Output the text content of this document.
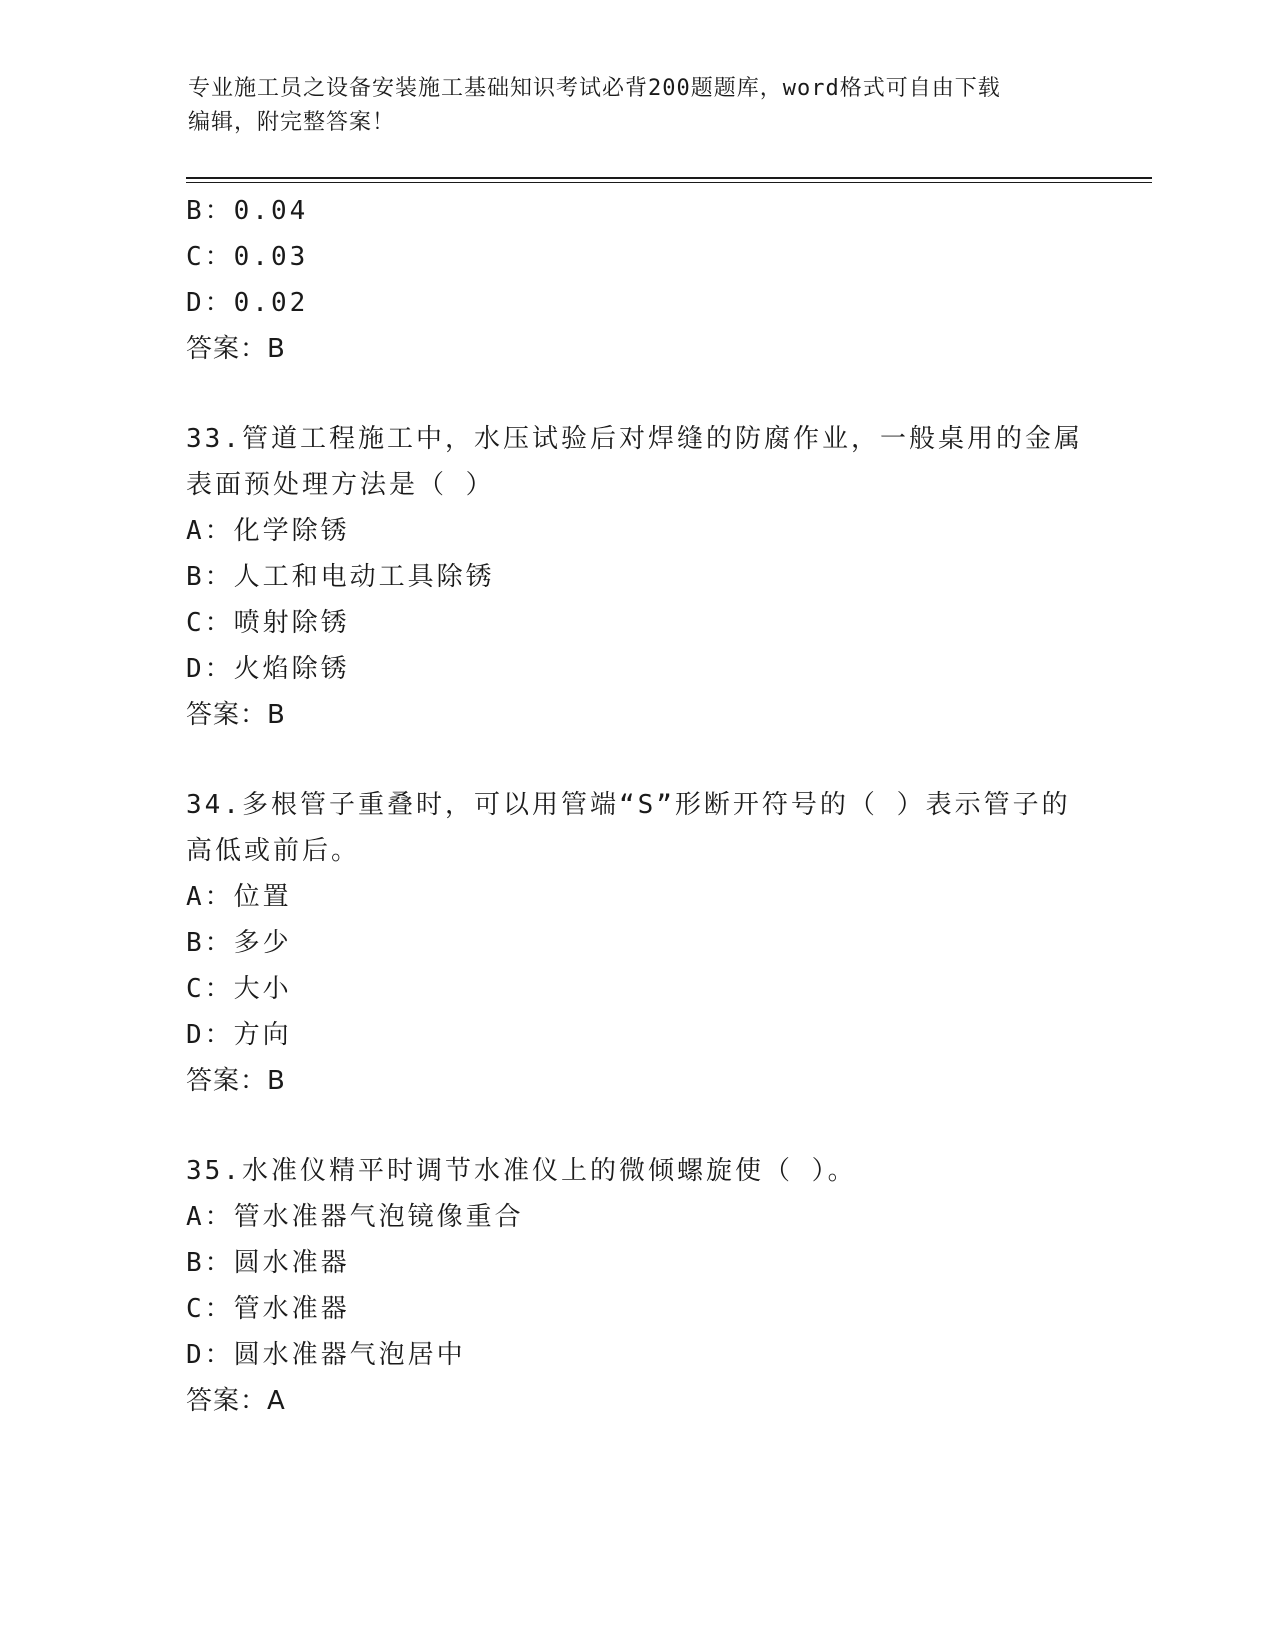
专业施工员之设备安装施工基础知识考试必背200题题库，word格式可自由下载
编辑，附完整答案！
B：0.04
C：0.03
D：0.02
答案：B
33.管道工程施工中，水压试验后对焊缝的防腐作业，一般桌用的金属
表面预处理方法是（ ）
A：化学除锈
B：人工和电动工具除锈
C：喷射除锈
D：火焰除锈
答案：B
34.多根管子重叠时，可以用管端“S”形断开符号的（ ）表示管子的
高低或前后。
A：位置
B：多少
C：大小
D：方向
答案：B
35.水准仪精平时调节水准仪上的微倾螺旋使（ ）。
A：管水准器气泡镜像重合
B：圆水准器
C：管水准器
D：圆水准器气泡居中
答案：A
